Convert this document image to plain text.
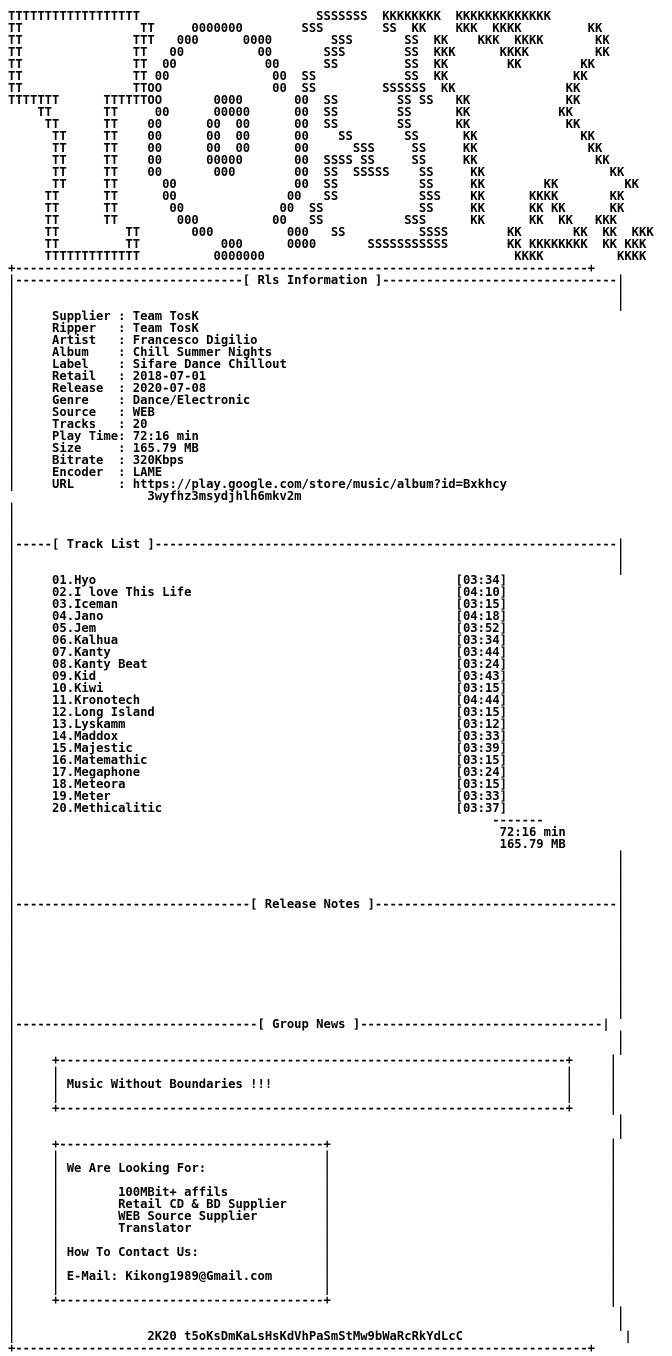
TTTTTTTTTTTTTTTTTT                        SSSSSSS  KKKKKKKK  KKKKKKKKKKKKK
TT                TT     0000000        SSS        SS  KK    KKK  KKKK         KK
TT               TTT   000      0000        SSS       SS  KK    KKK  KKKK       KK
TT               TT   00          00       SSS        SS  KKK      KKKK         KK
TT               TT  00            00      SS         SS  KK        KK        KK
TT               TT 00              00  SS            SS  KK                 KK
TT               TTOO               00  SS         SSSSSS  KK               KK
TTTTTTT      TTTTTTOO       0000       00  SS        SS SS   KK             KK
TT       TT     00      00000      00  SS        SS      KK            KK
TT      TT    00      00  00      00  SS        SS      KK             KK
TT     TT    00      00  00      00    SS       SS      KK              KK
TT     TT    00      00  00      00      SSS     SS     KK               KK
TT     TT    00      00000       00  SSSS SS     SS     KK                KK
TT     TT    00       000        00  SS  SSSSS    SS     KK                 KK
TT     TT      00                00  SS           SS     KK        KK         KK
TT      TT      00               00   SS           SSS    KK      KKKK       KK
TT      TT       00             00  SS             SS     KK      KK KK      KK
TT      TT        000          00   SS           SSS      KK      KK  KK   KKK
TT         TT       000          000   SS          SSSS        KK       KK  KK  KKK
TT         TT           000      0000       SSSSSSSSSSS        KK KKKKKKKK  KK KKK
TTTTTTTTTTTTT          0000000                                  KKKK          KKKK
+------------------------------------------------------------------------------+
|-------------------------------[ Rls Information ]--------------------------------|
|                                                                                  |
|                                                                                  |

|     Supplier : Team TosK
|     Ripper   : Team TosK
|     Artist   : Francesco Digilio
|     Album    : Chill Summer Nights
|     Label    : Sifare Dance Chillout
|     Retail   : 2018-07-01
|     Release  : 2020-07-08
|     Genre    : Dance/Electronic
|     Source   : WEB
|     Tracks   : 20
|     Play Time: 72:16 min
|     Size     : 165.79 MB
|     Bitrate  : 320Kbps
|     Encoder  : LAME
|     URL      : https://play.google.com/store/music/album?id=Bxkhcy
3wyfhz3msydjhlh6mkv2m
|
|
|
|-----[ Track List ]---------------------------------------------------------------|
|                                                                                  |
|                                                                                  |

|     01.Hyo                                                 [03:34]
|     02.I love This Life                                    [04:10]
|     03.Iceman                                              [03:15]
|     04.Jano                                                [04:18]
|     05.Jem                                                 [03:52]
|     06.Kalhua                                              [03:34]
|     07.Kanty                                               [03:44]
|     08.Kanty Beat                                          [03:24]
|     09.Kid                                                 [03:43]
|     10.Kiwi                                                [03:15]
|     11.Kronotech                                           [04:44]
|     12.Long Island                                         [03:15]
|     13.Lyskamm                                             [03:12]
|     14.Maddox                                              [03:33]
|     15.Majestic                                            [03:39]
|     16.Matemathic                                          [03:15]
|     17.Megaphone                                           [03:24]
|     18.Meteora                                             [03:15]
|     19.Meter                                               [03:33]
|     20.Methicalitic                                        [03:37]
|                                                                 -------
|	72:16 min
|	165.79 MB
|                                                                                  |
|                                                                                  |
|                                                                                  |
|                                                                                  |
|--------------------------------[ Release Notes ]---------------------------------|
|                                                                                  |
|                                                                                  |
|                                                                                  |
|                                                                                  |
|                                                                                  |
|                                                                                  |
|                                                                                  |
|                                                                                  |
|                                                                                  |
|---------------------------------[ Group News ]---------------------------------|
|                                                                                  |
|                                                                                  |
|     +---------------------------------------------------------------------+     |
|     |                                                                     |     |
|     | Music Without Boundaries !!!	|     |
|     |                                                                     |     |
|     +---------------------------------------------------------------------+     |
|                                                                                  |
|                                                                                  |
|     +------------------------------------+                                      |
|     |                                    |                                      |
|     | We Are Looking For:	|                                      |
|     |                                    |                                      |
|     |	100MBit+ affils	|                                      |
|     |	Retail CD & BD Supplier	|                                      |
|     |	WEB Source Supplier	|                                      |
|     |	Translator	|                                      |
|     |                                    |                                      |
|     | How To Contact Us:	|                                      |
|     |                                    |                                      |
|     | E-Mail: Kikong1989@Gmail.com	|                                      |
|     |                                    |                                      |
|     +------------------------------------+                                      |
|                                                                                  |
|                                                                                  |
|	2K20 t5oKsDmKaLsHsKdVhPaSmStMw9bWaRcRkYdLcC	|
+------------------------------------------------------------------------------+
